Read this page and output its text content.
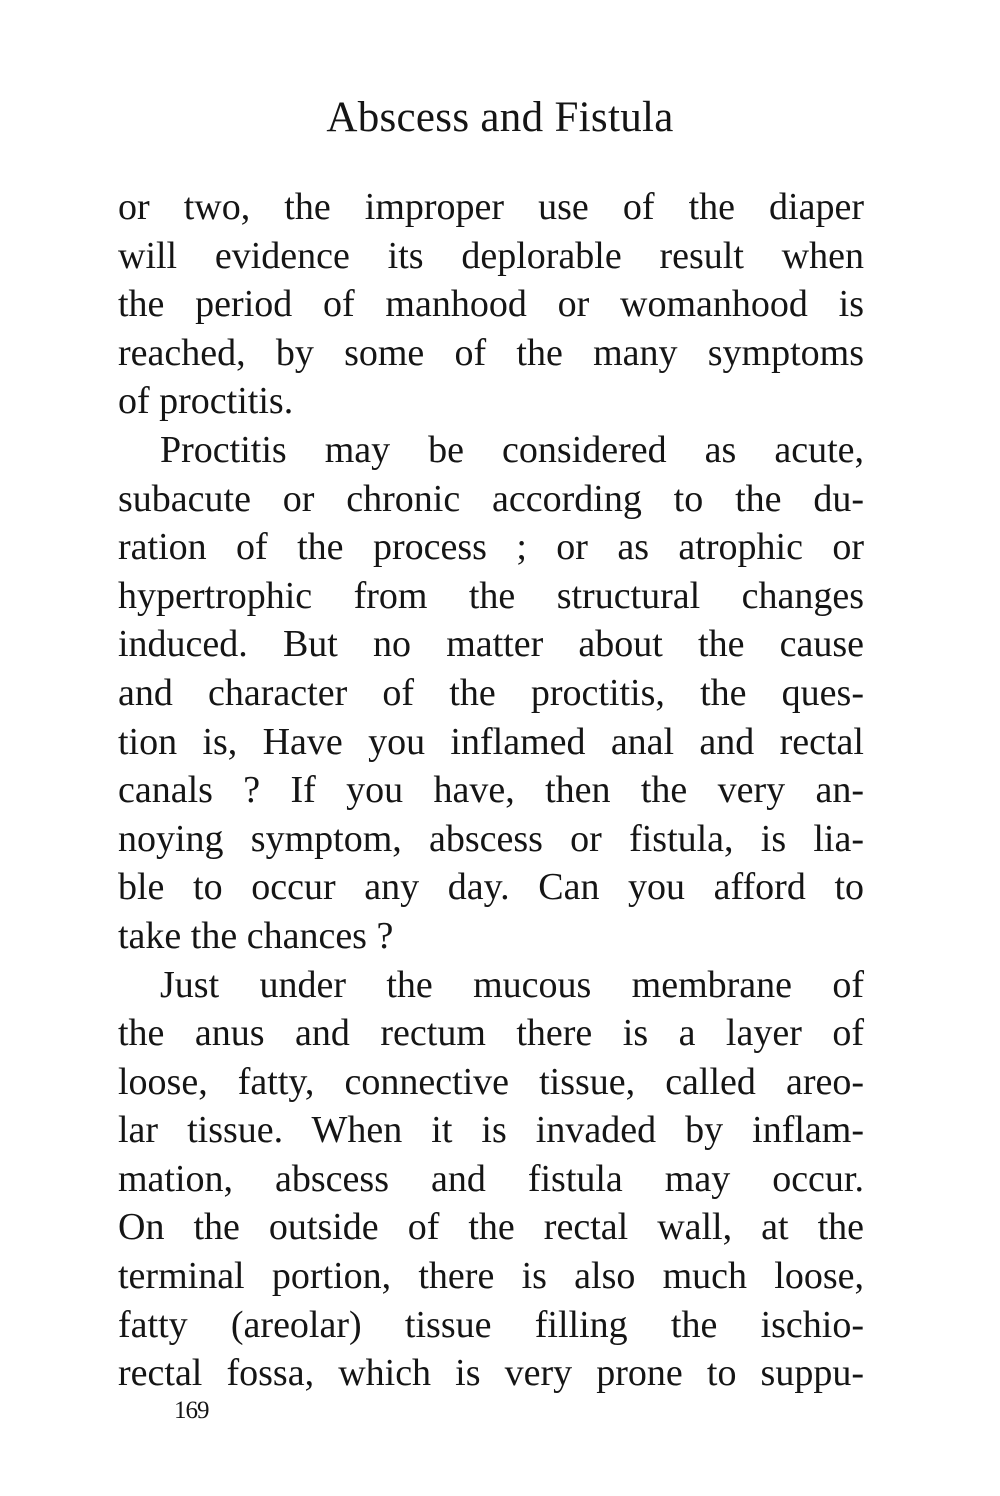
Abscess and Fistula
or two, the improper use of the diaper
will evidence its deplorable result when
the period of manhood or womanhood is
reached, by some of the many symptoms
of proctitis.
Proctitis may be considered as acute,
subacute or chronic according to the du-
ration of the process ; or as atrophic or
hypertrophic from the structural changes
induced. But no matter about the cause
and character of the proctitis, the ques-
tion is, Have you inflamed anal and rectal
canals ? If you have, then the very an-
noying symptom, abscess or fistula, is lia-
ble to occur any day. Can you afford to
take the chances ?
Just under the mucous membrane of
the anus and rectum there is a layer of
loose, fatty, connective tissue, called areo-
lar tissue. When it is invaded by inflam-
mation, abscess and fistula may occur.
On the outside of the rectal wall, at the
terminal portion, there is also much loose,
fatty (areolar) tissue filling the ischio-
rectal fossa, which is very prone to suppu-
169
